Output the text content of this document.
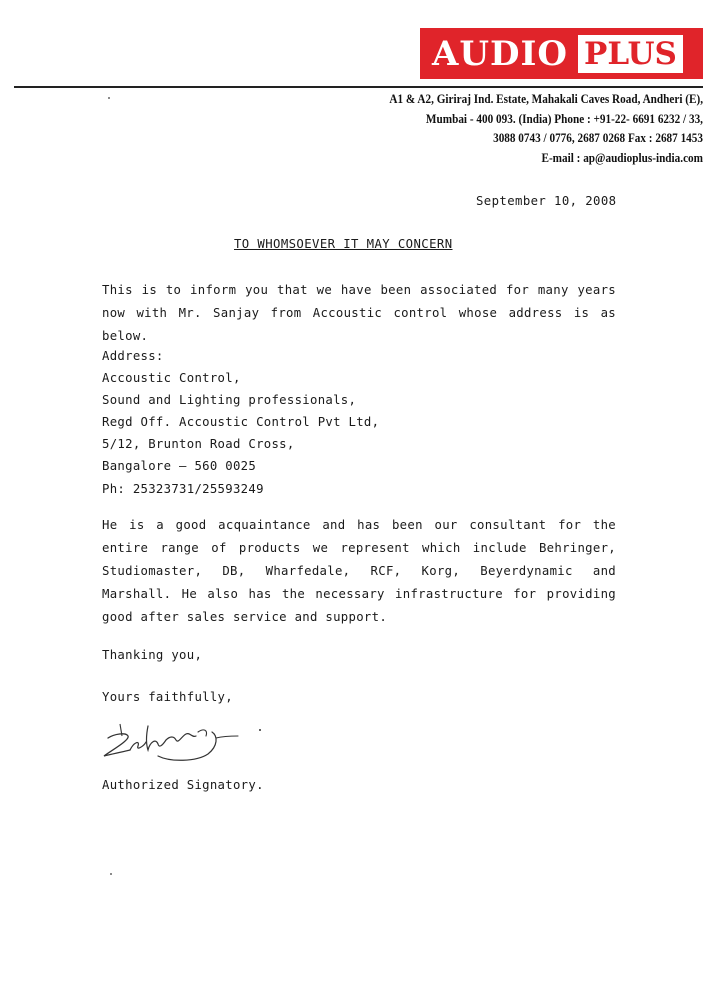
AUDIO PLUS
A1 & A2, Giriraj Ind. Estate, Mahakali Caves Road, Andheri (E),
Mumbai - 400 093. (India) Phone : +91-22- 6691 6232 / 33,
3088 0743 / 0776, 2687 0268 Fax : 2687 1453
E-mail : ap@audioplus-india.com
September 10, 2008
TO WHOMSOEVER IT MAY CONCERN
This is to inform you that we have been associated for many years now with Mr. Sanjay from Accoustic control whose address is as below.
Address:
Accoustic Control,
Sound and Lighting professionals,
Regd Off. Accoustic Control Pvt Ltd,
5/12, Brunton Road Cross,
Bangalore – 560 0025
Ph: 25323731/25593249
He is a good acquaintance and has been our consultant for the entire range of products we represent which include Behringer, Studiomaster, DB, Wharfedale, RCF, Korg, Beyerdynamic and Marshall. He also has the necessary infrastructure for providing good after sales service and support.
Thanking you,
Yours faithfully,
Authorized Signatory.
